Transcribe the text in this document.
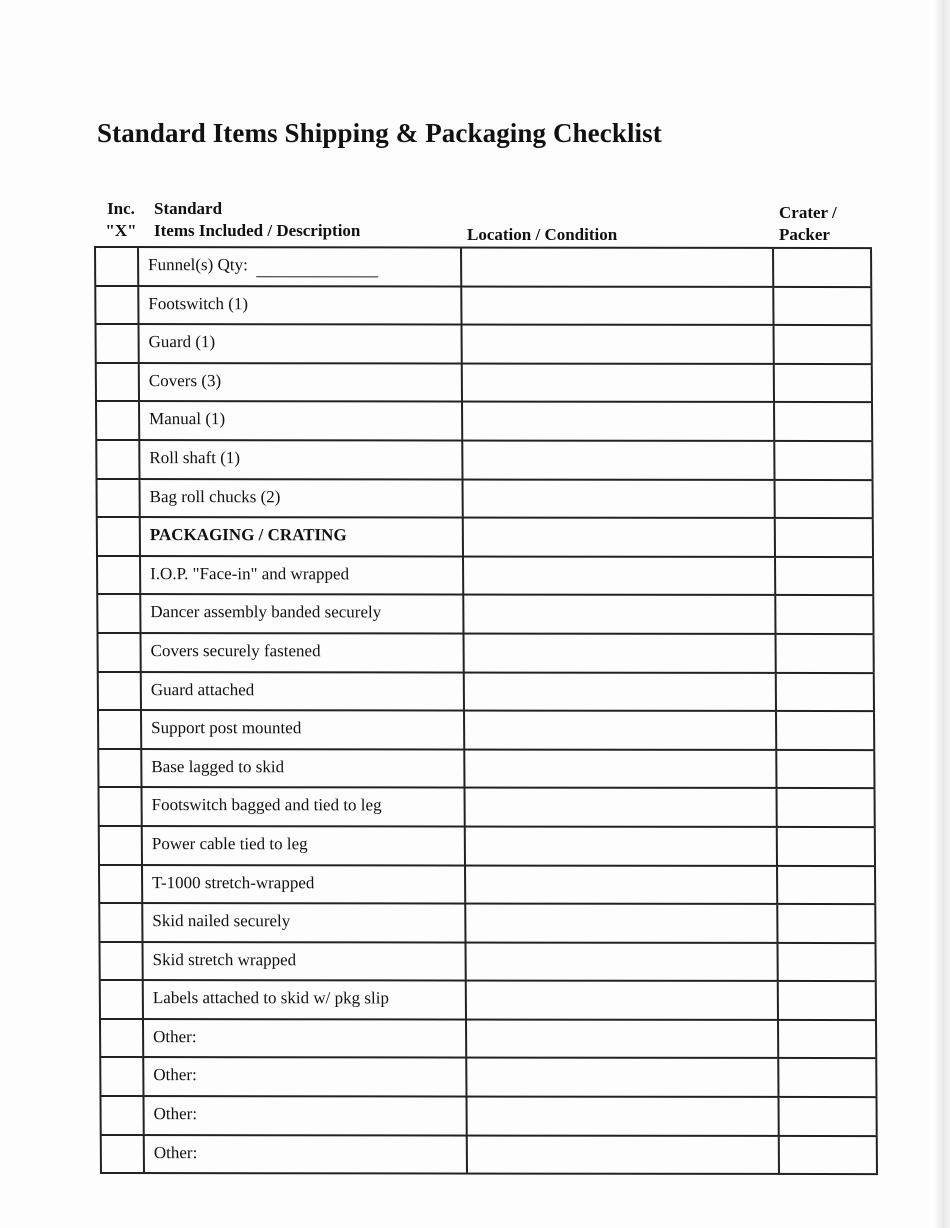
Standard Items Shipping & Packaging Checklist
Inc.
"X"
Standard
Items Included / Description	Location / Condition
Crater /
Packer
Funnel(s) Qty:
Footswitch (1)
Guard (1)
Covers (3)
Manual (1)
Roll shaft (1)
Bag roll chucks (2)
PACKAGING / CRATING
I.O.P. "Face-in" and wrapped
Dancer assembly banded securely
Covers securely fastened
Guard attached
Support post mounted
Base lagged to skid
Footswitch bagged and tied to leg
Power cable tied to leg
T-1000 stretch-wrapped
Skid nailed securely
Skid stretch wrapped
Labels attached to skid w/ pkg slip
Other:
Other:
Other:
Other:
